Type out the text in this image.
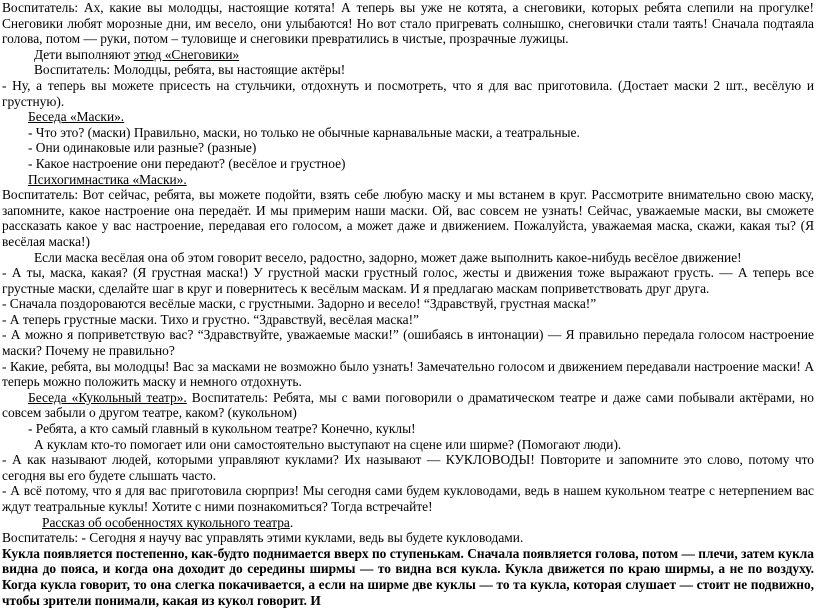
Воспитатель: Ах, какие вы молодцы, настоящие котята! А теперь вы уже не котята, а снеговики, которых ребята слепили на прогулке! Снеговики любят морозные дни, им весело, они улыбаются! Но вот стало пригревать солнышко, снеговички стали таять! Сначала подтаяла голова, потом — руки, потом – туловище и снеговики превратились в чистые, прозрачные лужицы.

Дети выполняют этюд «Снеговики»

Воспитатель: Молодцы, ребята, вы настоящие актёры!

- Ну, а теперь вы можете присесть на стульчики, отдохнуть и посмотреть, что я для вас приготовила. (Достает маски 2 шт., весёлую и грустную).

Беседа «Маски».

- Что это? (маски) Правильно, маски, но только не обычные карнавальные маски, а театральные.

- Они одинаковые или разные? (разные)

- Какое настроение они передают? (весёлое и грустное)

Психогимнастика «Маски».

Воспитатель: Вот сейчас, ребята, вы можете подойти, взять себе любую маску и мы встанем в круг. Рассмотрите внимательно свою маску, запомните, какое настроение она передаёт. И мы примерим наши маски. Ой, вас совсем не узнать! Сейчас, уважаемые маски, вы сможете рассказать какое у вас настроение, передавая его голосом, а может даже и движением. Пожалуйста, уважаемая маска, скажи, какая ты? (Я весёлая маска!)

Если маска весёлая она об этом говорит весело, радостно, задорно, может даже выполнить какое-нибудь весёлое движение!

- А ты, маска, какая? (Я грустная маска!) У грустной маски грустный голос, жесты и движения тоже выражают грусть. — А теперь все грустные маски, сделайте шаг в круг и повернитесь к весёлым маскам. И я предлагаю маскам поприветствовать друг друга.

- Сначала поздороваются весёлые маски, с грустными. Задорно и весело! “Здравствуй, грустная маска!”

- А теперь грустные маски. Тихо и грустно. “Здравствуй, весёлая маска!”

- А можно я поприветствую вас? “Здравствуйте, уважаемые маски!” (ошибаясь в интонации) — Я правильно передала голосом настроение маски? Почему не правильно?

- Какие, ребята, вы молодцы! Вас за масками не возможно было узнать! Замечательно голосом и движением передавали настроение маски! А теперь можно положить маску и немного отдохнуть.

Беседа «Кукольный театр». Воспитатель: Ребята, мы с вами поговорили о драматическом театре и даже сами побывали актёрами, но совсем забыли о другом театре, каком? (кукольном)

- Ребята, а кто самый главный в кукольном театре? Конечно, куклы!

А куклам кто-то помогает или они самостоятельно выступают на сцене или ширме? (Помогают люди).

- А как называют людей, которыми управляют куклами? Их называют — КУКЛОВОДЫ! Повторите и запомните это слово, потому что сегодня вы его будете слышать часто.

- А всё потому, что я для вас приготовила сюрприз! Мы сегодня сами будем кукловодами, ведь в нашем кукольном театре с нетерпением вас ждут театральные куклы! Хотите с ними познакомиться? Тогда встречайте!

Рассказ об особенностях кукольного театра.

Воспитатель: - Сегодня я научу вас управлять этими куклами, ведь вы будете кукловодами.

Кукла появляется постепенно, как-будто поднимается вверх по ступенькам. Сначала появляется голова, потом — плечи, затем кукла видна до пояса, и когда она доходит до середины ширмы — то видна вся кукла. Кукла движется по краю ширмы, а не по воздуху. Когда кукла говорит, то она слегка покачивается, а если на ширме две куклы — то та кукла, которая слушает — стоит не подвижно, чтобы зрители понимали, какая из кукол говорит. И
